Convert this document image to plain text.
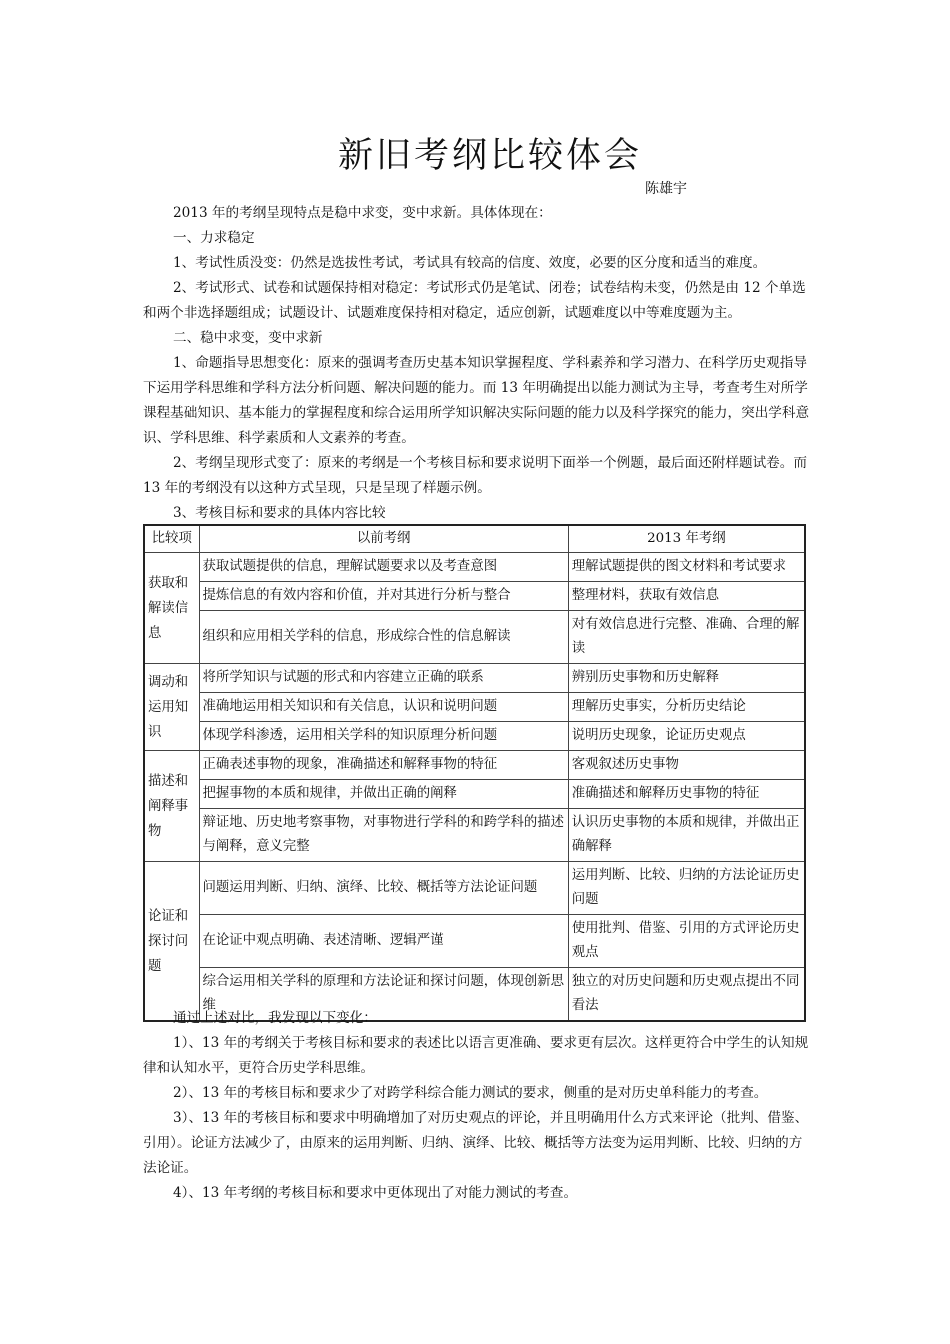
新旧考纲比较体会
陈雄宇

2013 年的考纲呈现特点是稳中求变，变中求新。具体体现在：

一、力求稳定

1、考试性质没变：仍然是选拔性考试，考试具有较高的信度、效度，必要的区分度和适当的难度。

2、考试形式、试卷和试题保持相对稳定：考试形式仍是笔试、闭卷；试卷结构未变，仍然是由 12 个单选和两个非选择题组成；试题设计、试题难度保持相对稳定，适应创新，试题难度以中等难度题为主。

二、稳中求变，变中求新

1、命题指导思想变化：原来的强调考查历史基本知识掌握程度、学科素养和学习潜力、在科学历史观指导下运用学科思维和学科方法分析问题、解决问题的能力。而 13 年明确提出以能力测试为主导，考查考生对所学课程基础知识、基本能力的掌握程度和综合运用所学知识解决实际问题的能力以及科学探究的能力，突出学科意识、学科思维、科学素质和人文素养的考查。

2、考纲呈现形式变了：原来的考纲是一个考核目标和要求说明下面举一个例题，最后面还附样题试卷。而 13 年的考纲没有以这种方式呈现，只是呈现了样题示例。

3、考核目标和要求的具体内容比较

比较项	以前考纲	2013 年考纲
获取和解读信息	获取试题提供的信息，理解试题要求以及考查意图	理解试题提供的图文材料和考试要求
	提炼信息的有效内容和价值，并对其进行分析与整合	整理材料，获取有效信息
	组织和应用相关学科的信息，形成综合性的信息解读	对有效信息进行完整、准确、合理的解读
调动和运用知识	将所学知识与试题的形式和内容建立正确的联系	辨别历史事物和历史解释
	准确地运用相关知识和有关信息，认识和说明问题	理解历史事实，分析历史结论
	体现学科渗透，运用相关学科的知识原理分析问题	说明历史现象，论证历史观点
描述和阐释事物	正确表述事物的现象，准确描述和解释事物的特征	客观叙述历史事物
	把握事物的本质和规律，并做出正确的阐释	准确描述和解释历史事物的特征
	辩证地、历史地考察事物，对事物进行学科的和跨学科的描述与阐释，意义完整	认识历史事物的本质和规律，并做出正确解释
论证和探讨问题	问题运用判断、归纳、演绎、比较、概括等方法论证问题	运用判断、比较、归纳的方法论证历史问题
	在论证中观点明确、表述清晰、逻辑严谨	使用批判、借鉴、引用的方式评论历史观点
	综合运用相关学科的原理和方法论证和探讨问题，体现创新思维	独立的对历史问题和历史观点提出不同看法

通过上述对比，我发现以下变化：

1）、13 年的考纲关于考核目标和要求的表述比以语言更准确、要求更有层次。这样更符合中学生的认知规律和认知水平，更符合历史学科思维。

2）、13 年的考核目标和要求少了对跨学科综合能力测试的要求，侧重的是对历史单科能力的考查。

3）、13 年的考核目标和要求中明确增加了对历史观点的评论，并且明确用什么方式来评论（批判、借鉴、引用）。论证方法减少了，由原来的运用判断、归纳、演绎、比较、概括等方法变为运用判断、比较、归纳的方法论证。

4）、13 年考纲的考核目标和要求中更体现出了对能力测试的考查。
